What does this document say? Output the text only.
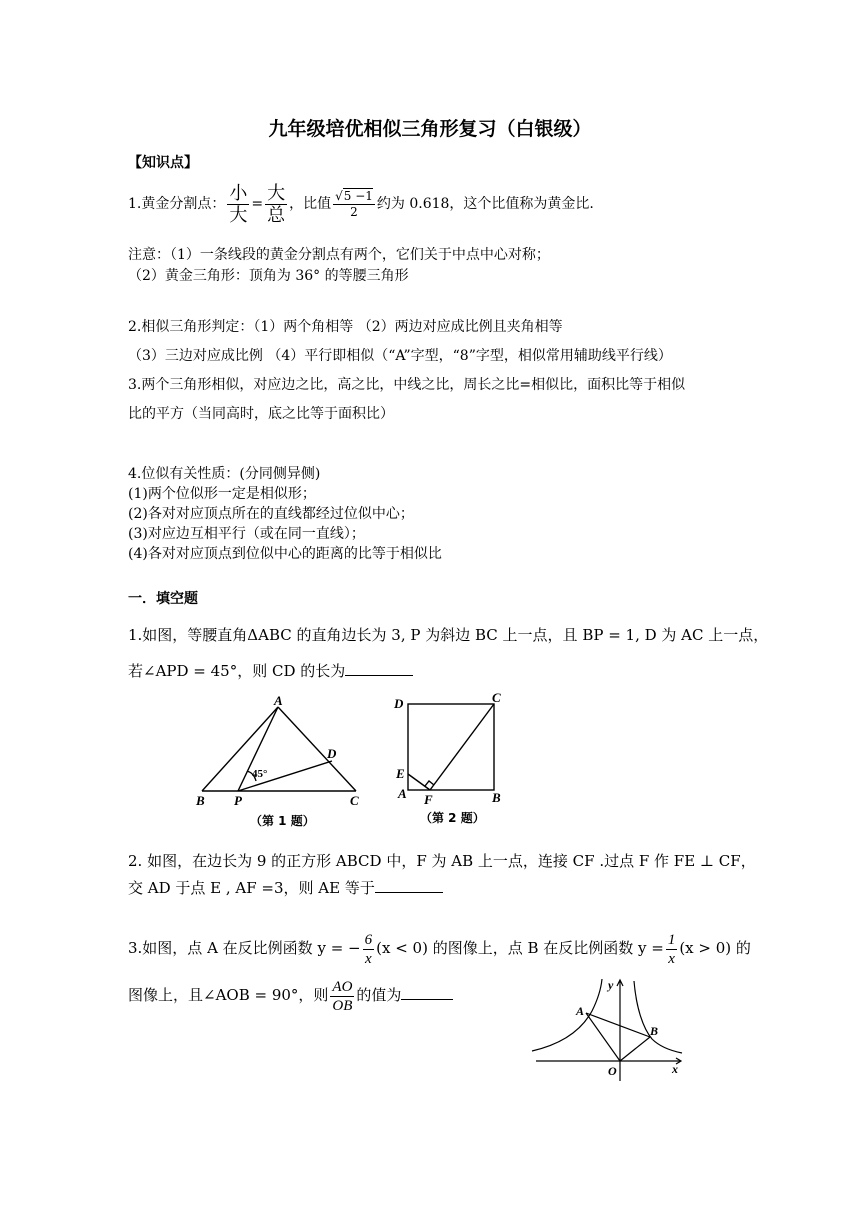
九年级培优相似三角形复习（白银级）
【知识点】
1.黄金分割点： $\frac{\text{小}}{\text{大}} = \frac{\text{大}}{\text{总}}$ ，比值 $\frac{√5 -1}{2}$ 约为 0.618，这个比值称为黄金比.
注意：（1）一条线段的黄金分割点有两个，它们关于中点中心对称；
（2）黄金三角形：顶角为 36° 的等腰三角形
2.相似三角形判定：（1）两个角相等 （2）两边对应成比例且夹角相等
（3）三边对应成比例 （4）平行即相似（“A”字型，“8”字型，相似常用辅助线平行线）
3.两个三角形相似，对应边之比，高之比，中线之比，周长之比=相似比，面积比等于相似
比的平方（当同高时，底之比等于面积比）
4.位似有关性质：(分同侧异侧)
(1)两个位似形一定是相似形；
(2)各对对应顶点所在的直线都经过位似中心；
(3)对应边互相平行（或在同一直线）；
(4)各对对应顶点到位似中心的距离的比等于相似比
一．填空题
1.如图，等腰直角ΔABC 的直角边长为 3, P 为斜边 BC 上一点，且 BP = 1, D 为 AC 上一点，
若∠APD = 45°，则 CD 的长为
A
B P	C
D
45°
（第 1 题）
D	C
E
A F	B
（第 2 题）
2. 如图，在边长为 9 的正方形 ABCD 中，F 为 AB 上一点，连接 CF .过点 F 作 FE ⊥ CF，
交 AD 于点 E , AF =3，则 AE 等于
3.如图，点 A 在反比例函数 y = − $\frac{6}{x} (x < 0)$ 的图像上，点 B 在反比例函数 $y = \frac{1}{x} (x > 0)$ 的
图像上，且∠AOB = 90°，则 $\frac{AO}{OB}$ 的值为
A
B
O	x
y
